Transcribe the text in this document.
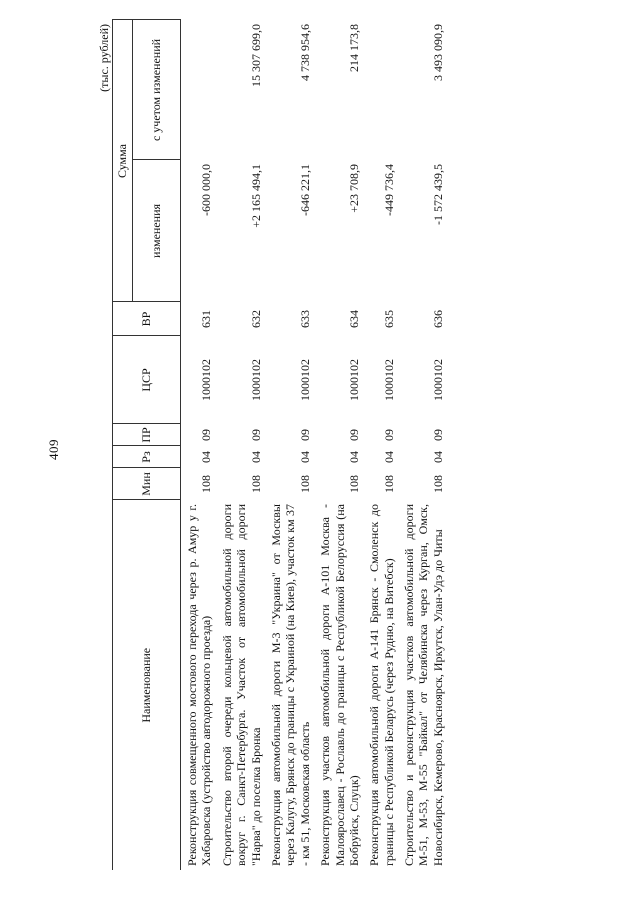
409
(тыс. рублей)
Наименование	Мин	Рз	ПР	ЦСР	ВР	Сумма	
						изменения	с учетом изменений
Реконструкция совмещенного мостового перехода через р. Амур у г. Хабаровска (устройство автодорожного проезда)	108	04	09	1000102	631	-600 000,0	
Строительство второй очереди кольцевой автомобильной дороги вокруг г. Санкт-Петербурга. Участок от автомобильной дороги "Нарва" до поселка Бронка	108	04	09	1000102	632	+2 165 494,1	15 307 699,0
Реконструкция автомобильной дороги М-3 "Украина" от Москвы через Калугу, Брянск до границы с Украиной (на Киев), участок км 37 - км 51, Московская область	108	04	09	1000102	633	-646 221,1	4 738 954,6
Реконструкция участков автомобильной дороги А-101 Москва - Малоярославец - Рославль до границы с Республикой Белоруссия (на Бобруйск, Слуцк)	108	04	09	1000102	634	+23 708,9	214 173,8
Реконструкция автомобильной дороги А-141 Брянск - Смоленск до границы с Республикой Беларусь (через Рудню, на Витебск)	108	04	09	1000102	635	-449 736,4	
Строительство и реконструкция участков автомобильной дороги М-51, М-53, М-55 "Байкал" от Челябинска через Курган, Омск, Новосибирск, Кемерово, Красноярск, Иркутск, Улан-Удэ до Читы	108	04	09	1000102	636	-1 572 439,5	3 493 090,9
